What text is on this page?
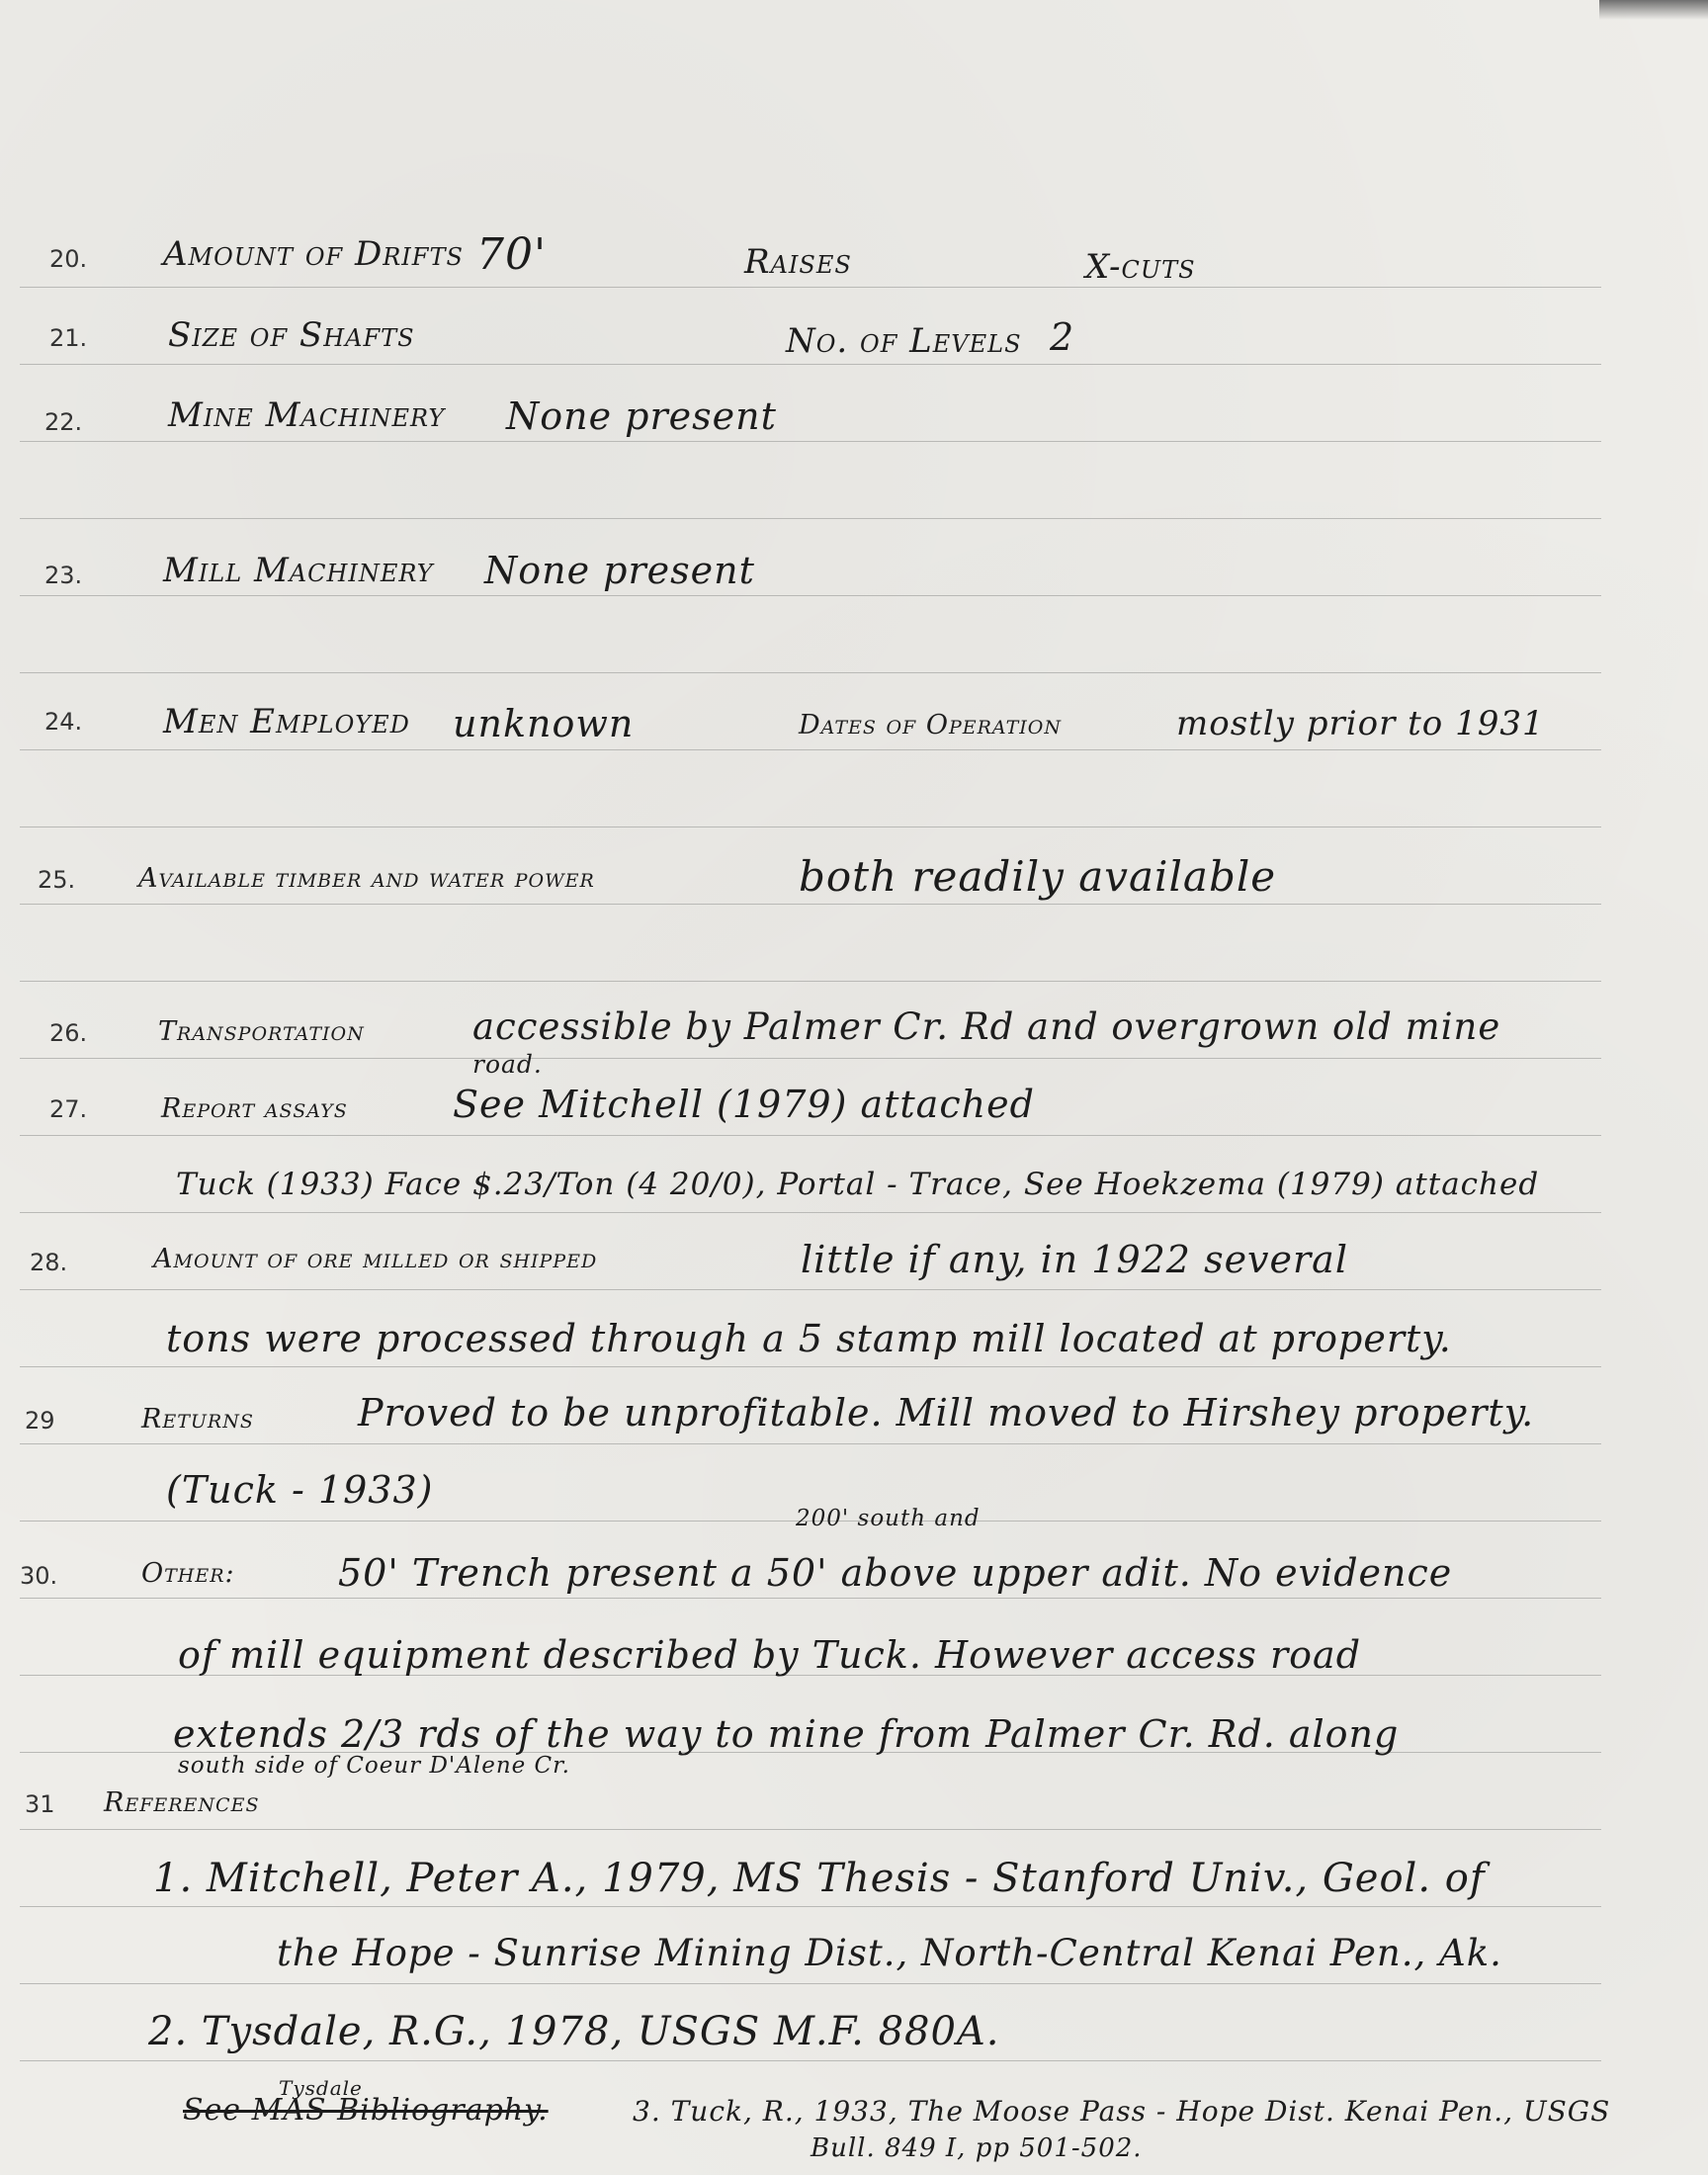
20. Amount of Drifts 70'	Raises	X-cuts
21. Size of Shafts	No. of Levels 2
22.	Mine Machinery None present
23. Mill Machinery None present
24. Men Employed unknown	Dates of Operation	mostly prior to 1931
25. Available timber and water power	both readily available
26.	Transportation	accessible by Palmer Cr. Rd and overgrown old mine
road.
27.	Report assays	See Mitchell (1979) attached
Tuck (1933) Face $.23/Ton (4 20/0), Portal - Trace, See Hoekzema (1979) attached
28.	Amount of ore milled or shipped	little if any, in 1922 several
tons were processed through a 5 stamp mill located at property.
29	Returns	Proved to be unprofitable. Mill moved to Hirshey property.
(Tuck - 1933)
30.	Other:
200' south and
50' Trench present a 50' above upper adit. No evidence
of mill equipment described by Tuck. However access road
extends 2/3 rds of the way to mine from Palmer Cr. Rd. along
south side of Coeur D'Alene Cr.
31 References
1. Mitchell, Peter A., 1979, MS Thesis - Stanford Univ., Geol. of
the Hope - Sunrise Mining Dist., North-Central Kenai Pen., Ak.
2. Tysdale, R.G., 1978, USGS M.F. 880A.
Tysdale
See MAS Bibliography.	3. Tuck, R., 1933, The Moose Pass - Hope Dist. Kenai Pen., USGS
Bull. 849 I, pp 501-502.
